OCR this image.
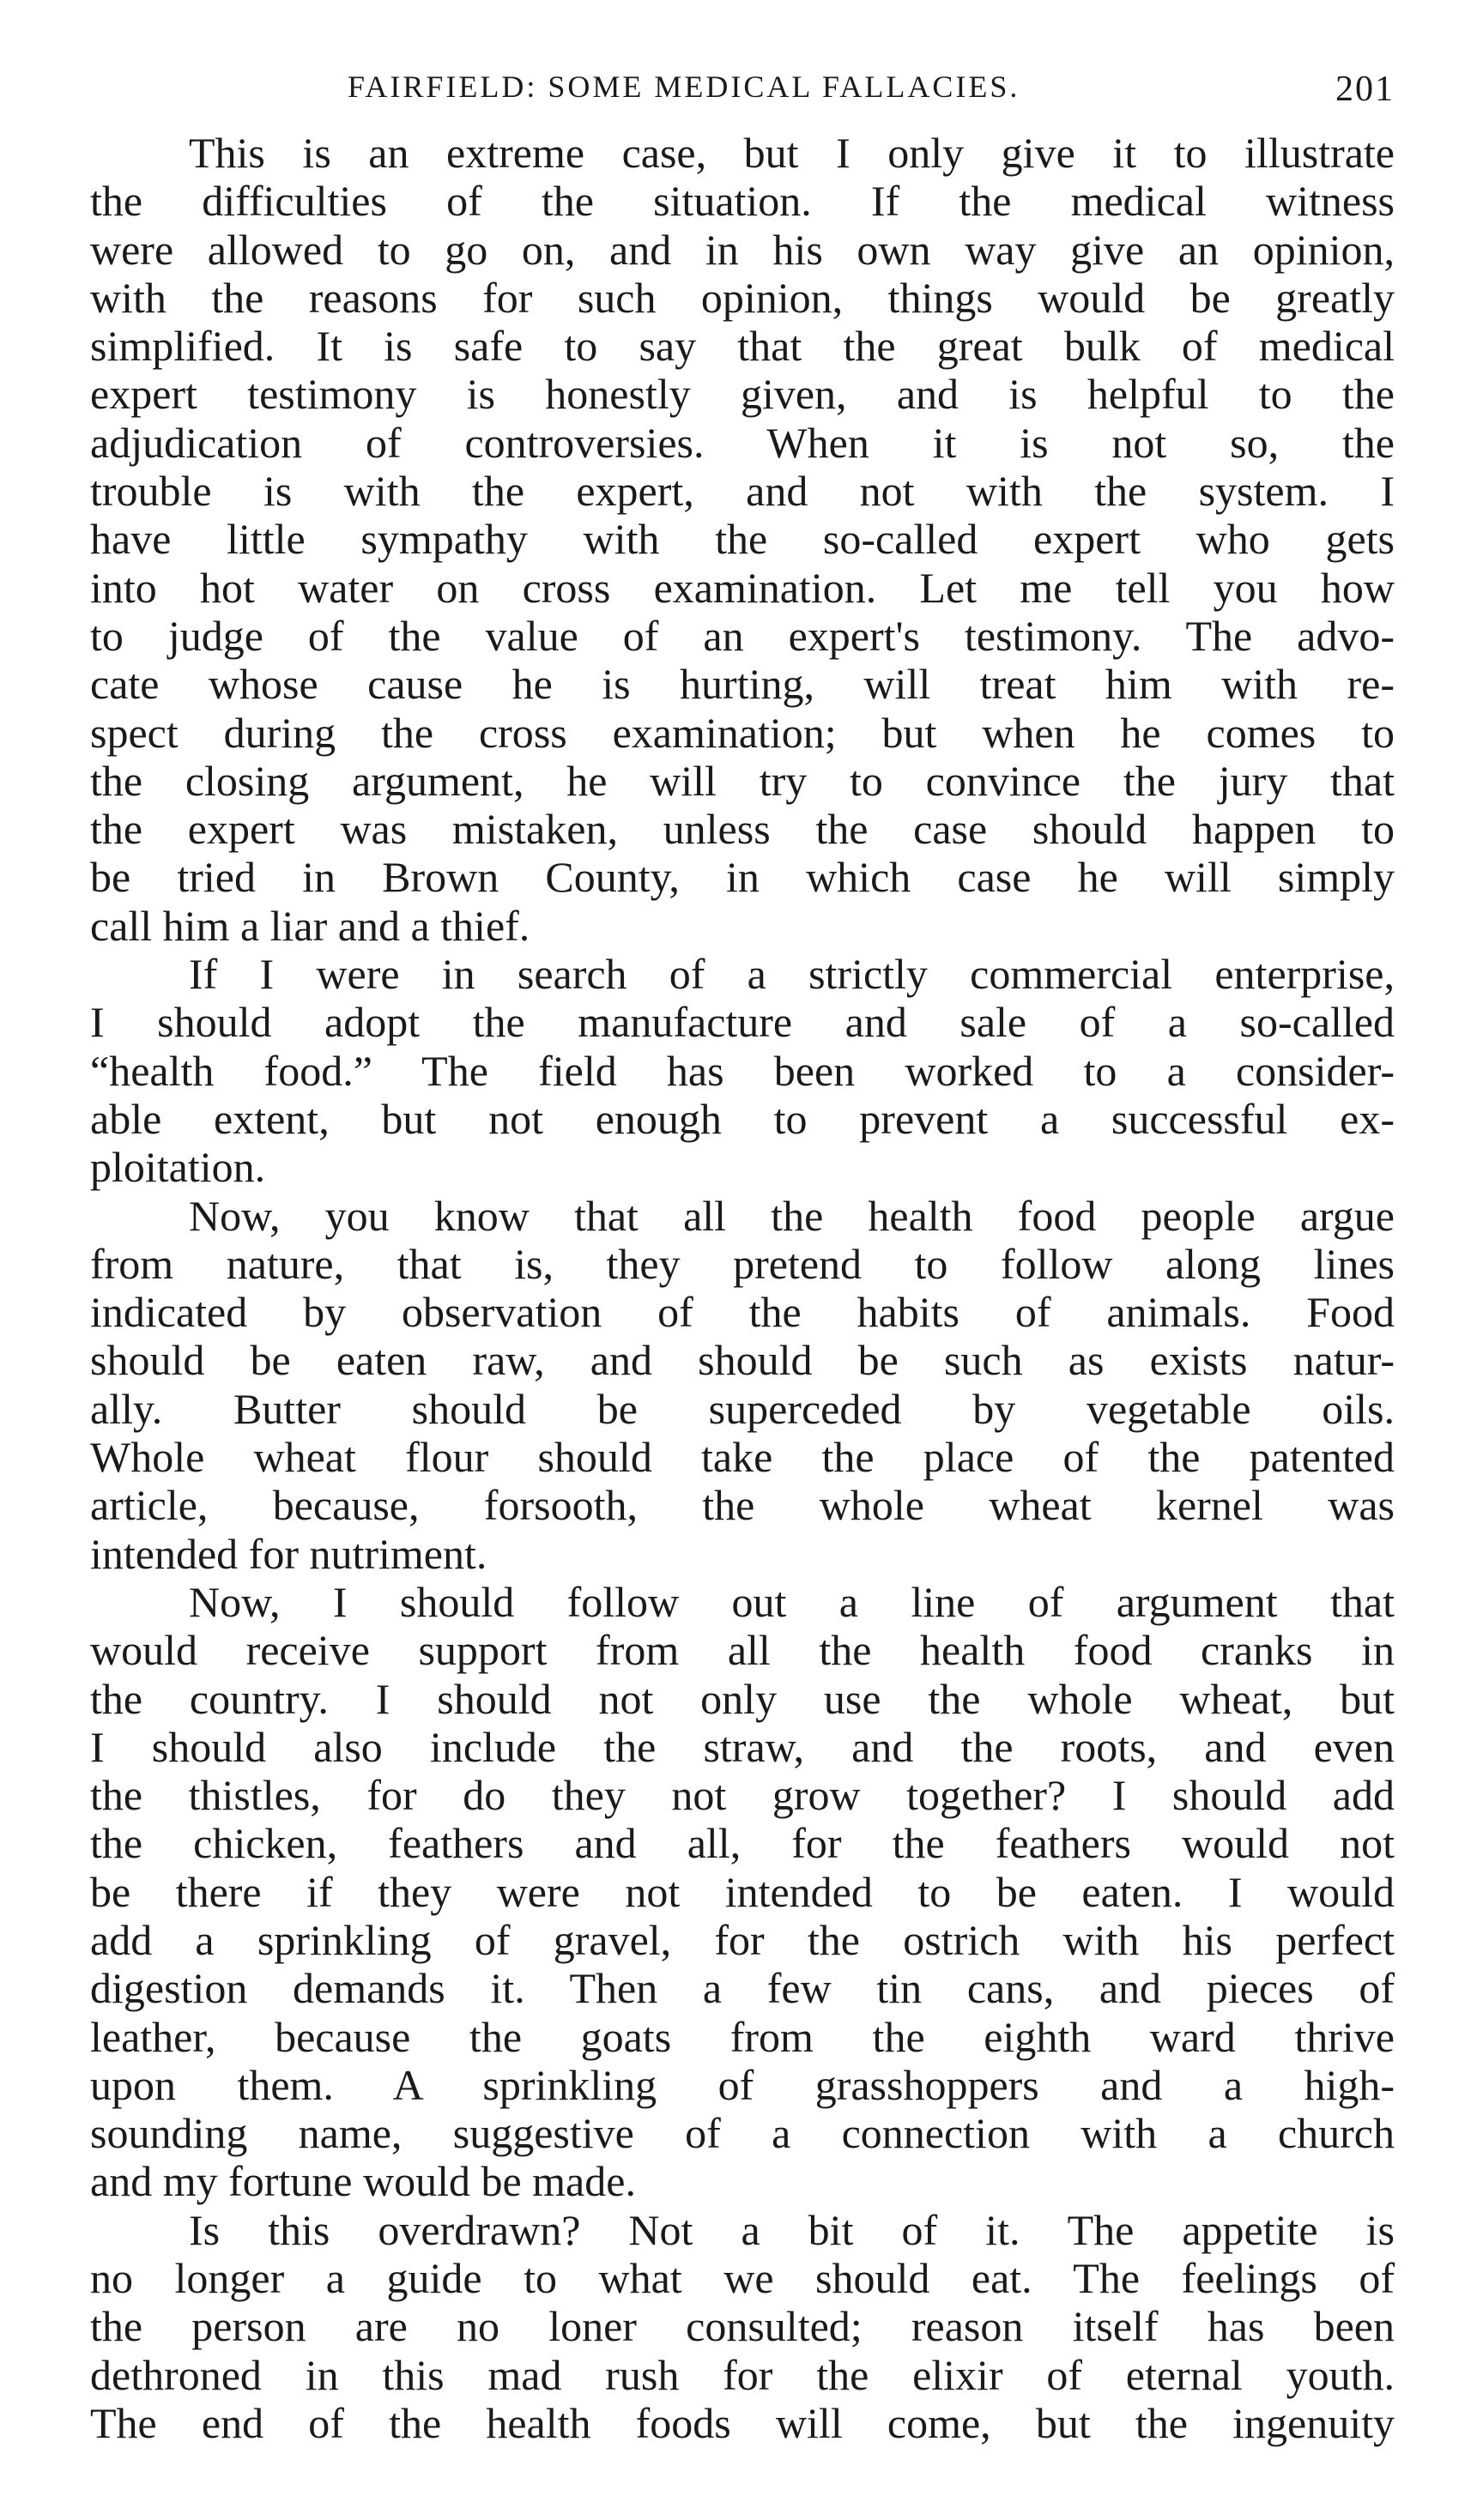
FAIRFIELD: SOME MEDICAL FALLACIES.	201
This is an extreme case, but I only give it to illustrate
the difficulties of the situation. If the medical witness
were allowed to go on, and in his own way give an opinion,
with the reasons for such opinion, things would be greatly
simplified. It is safe to say that the great bulk of medical
expert testimony is honestly given, and is helpful to the
adjudication of controversies. When it is not so, the
trouble is with the expert, and not with the system. I
have little sympathy with the so-called expert who gets
into hot water on cross examination. Let me tell you how
to judge of the value of an expert's testimony. The advo-
cate whose cause he is hurting, will treat him with re-
spect during the cross examination; but when he comes to
the closing argument, he will try to convince the jury that
the expert was mistaken, unless the case should happen to
be tried in Brown County, in which case he will simply
call him a liar and a thief.
If I were in search of a strictly commercial enterprise,
I should adopt the manufacture and sale of a so-called
“health food.” The field has been worked to a consider-
able extent, but not enough to prevent a successful ex-
ploitation.
Now, you know that all the health food people argue
from nature, that is, they pretend to follow along lines
indicated by observation of the habits of animals. Food
should be eaten raw, and should be such as exists natur-
ally. Butter should be superceded by vegetable oils.
Whole wheat flour should take the place of the patented
article, because, forsooth, the whole wheat kernel was
intended for nutriment.
Now, I should follow out a line of argument that
would receive support from all the health food cranks in
the country. I should not only use the whole wheat, but
I should also include the straw, and the roots, and even
the thistles, for do they not grow together? I should add
the chicken, feathers and all, for the feathers would not
be there if they were not intended to be eaten. I would
add a sprinkling of gravel, for the ostrich with his perfect
digestion demands it. Then a few tin cans, and pieces of
leather, because the goats from the eighth ward thrive
upon them. A sprinkling of grasshoppers and a high-
sounding name, suggestive of a connection with a church
and my fortune would be made.
Is this overdrawn? Not a bit of it. The appetite is
no longer a guide to what we should eat. The feelings of
the person are no loner consulted; reason itself has been
dethroned in this mad rush for the elixir of eternal youth.
The end of the health foods will come, but the ingenuity
